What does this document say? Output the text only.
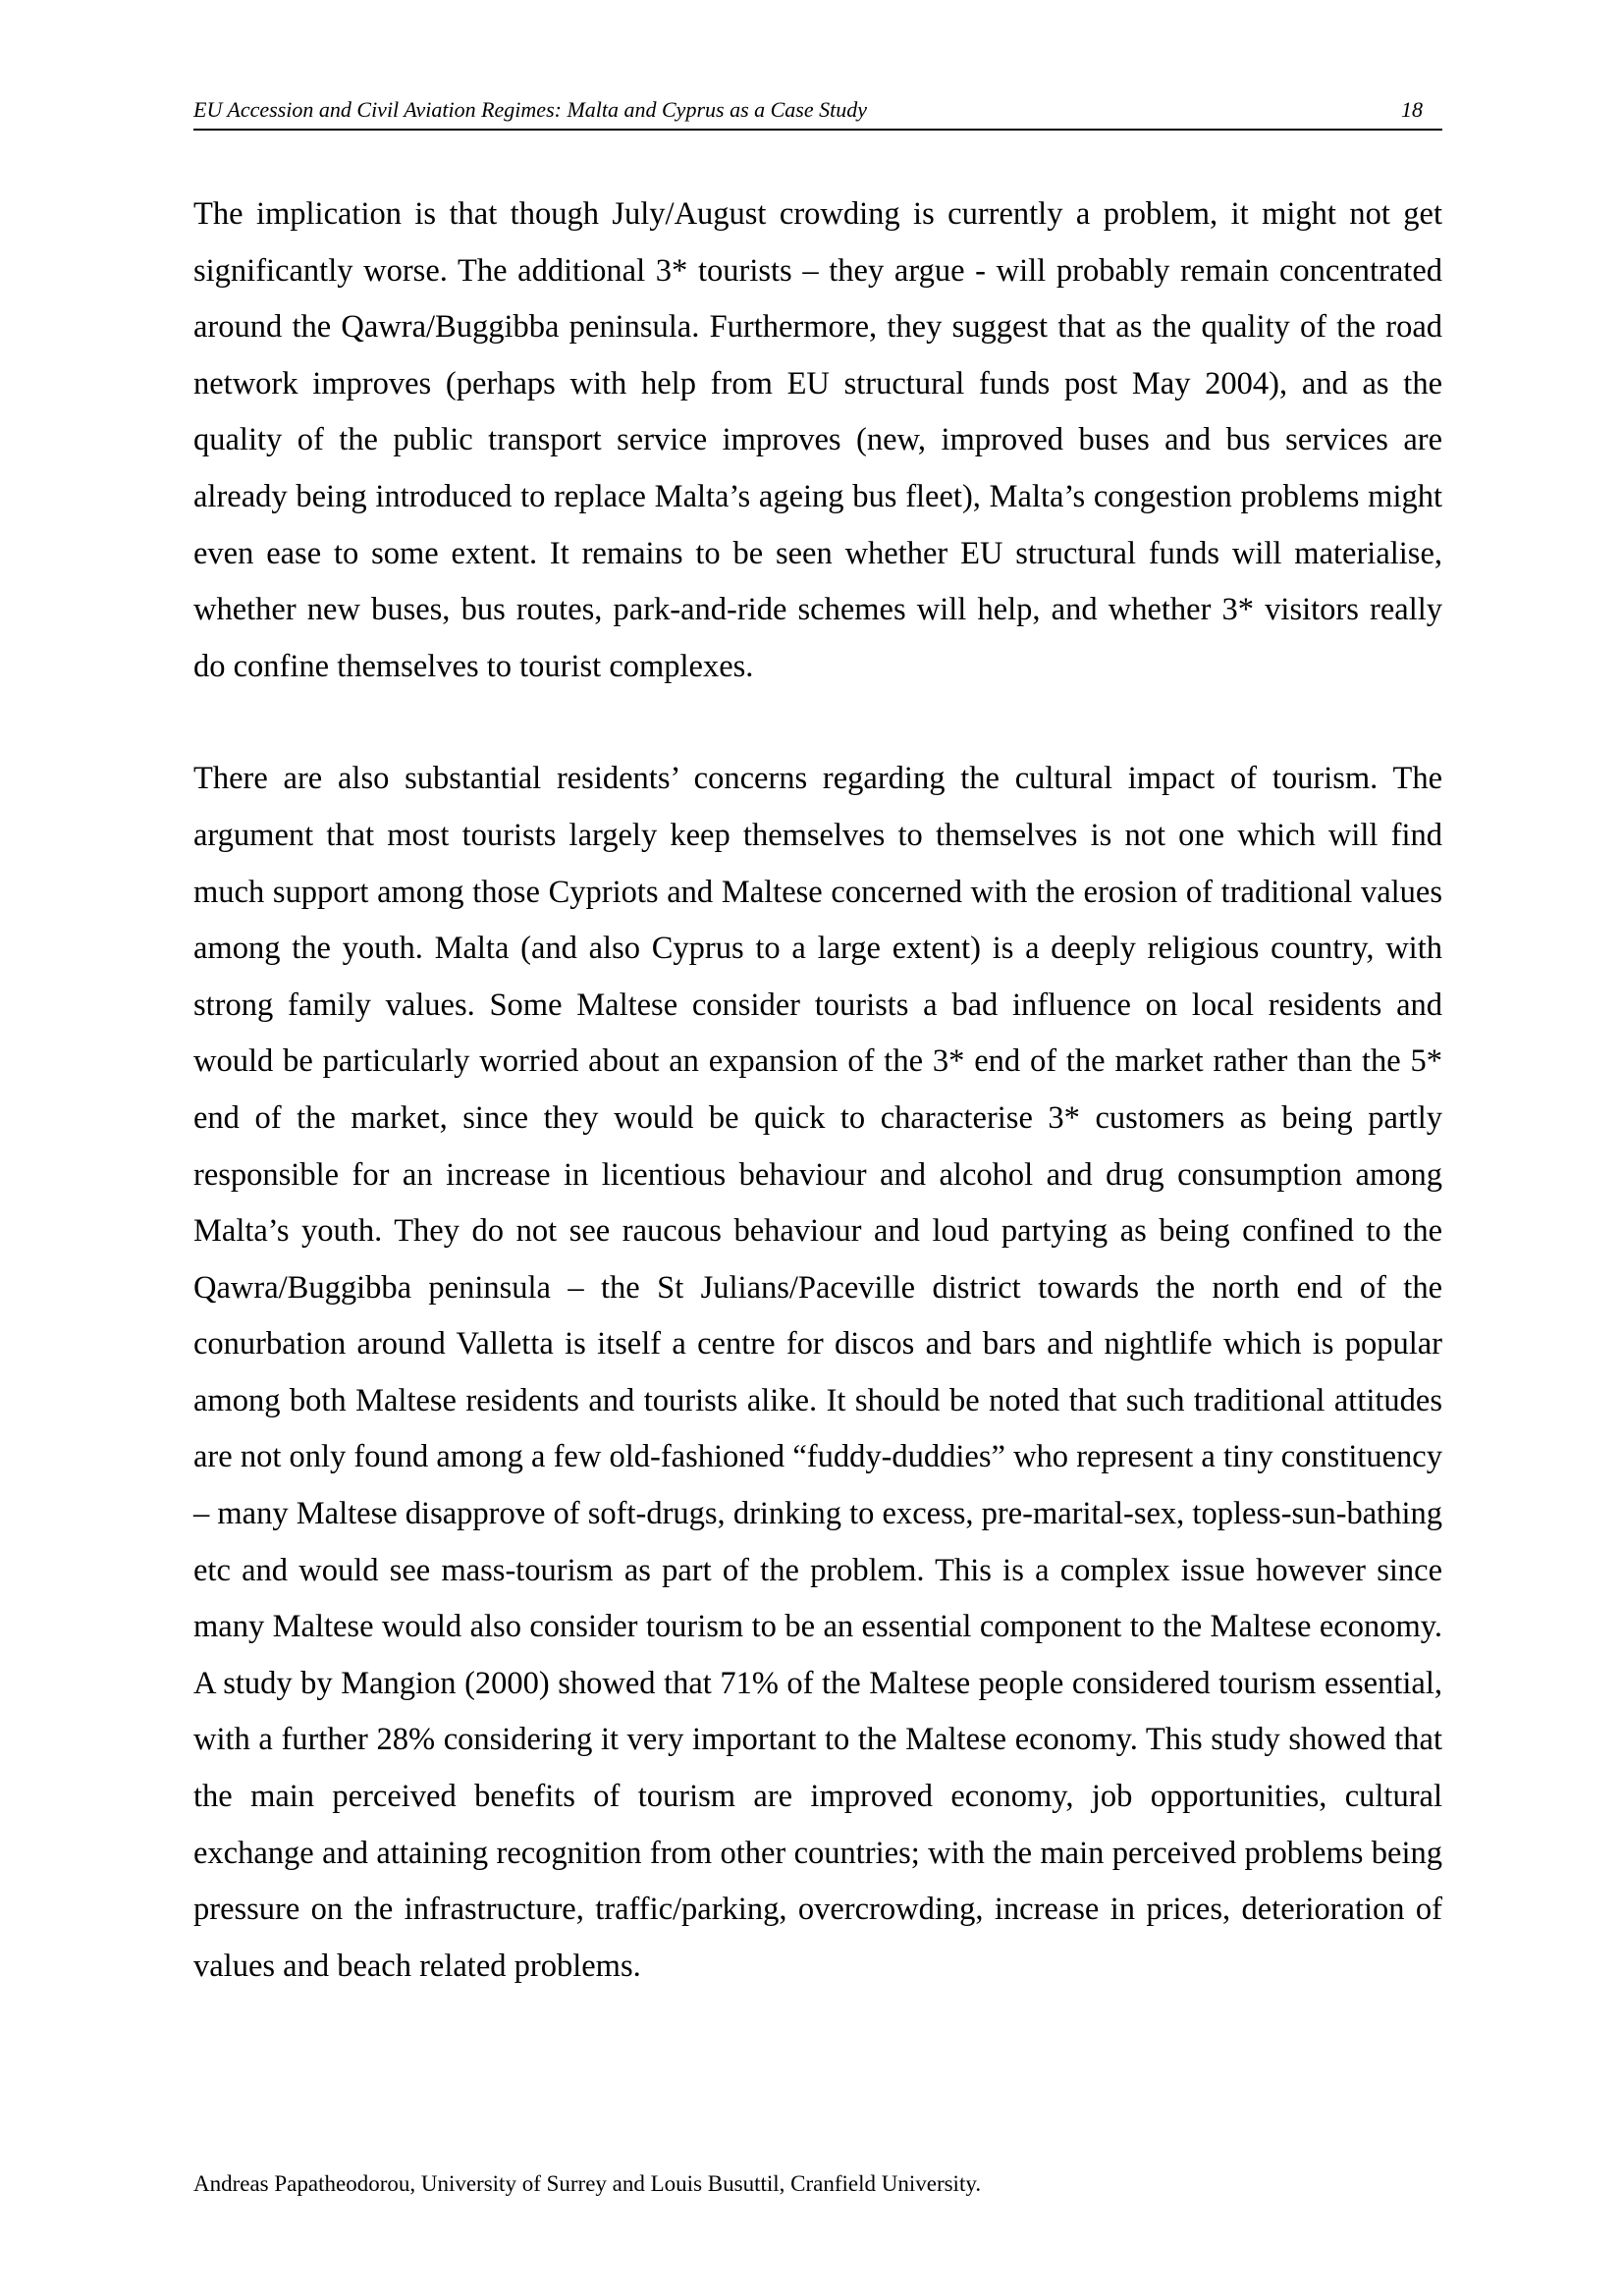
EU Accession and Civil Aviation Regimes: Malta and Cyprus as a Case Study	18

The implication is that though July/August crowding is currently a problem, it might not get significantly worse. The additional 3* tourists – they argue - will probably remain concentrated around the Qawra/Buggibba peninsula. Furthermore, they suggest that as the quality of the road network improves (perhaps with help from EU structural funds post May 2004), and as the quality of the public transport service improves (new, improved buses and bus services are already being introduced to replace Malta’s ageing bus fleet), Malta’s congestion problems might even ease to some extent. It remains to be seen whether EU structural funds will materialise, whether new buses, bus routes, park-and-ride schemes will help, and whether 3* visitors really do confine themselves to tourist complexes.

There are also substantial residents’ concerns regarding the cultural impact of tourism. The argument that most tourists largely keep themselves to themselves is not one which will find much support among those Cypriots and Maltese concerned with the erosion of traditional values among the youth. Malta (and also Cyprus to a large extent) is a deeply religious country, with strong family values. Some Maltese consider tourists a bad influence on local residents and would be particularly worried about an expansion of the 3* end of the market rather than the 5* end of the market, since they would be quick to characterise 3* customers as being partly responsible for an increase in licentious behaviour and alcohol and drug consumption among Malta’s youth. They do not see raucous behaviour and loud partying as being confined to the Qawra/Buggibba peninsula – the St Julians/Paceville district towards the north end of the conurbation around Valletta is itself a centre for discos and bars and nightlife which is popular among both Maltese residents and tourists alike. It should be noted that such traditional attitudes are not only found among a few old-fashioned “fuddy-duddies” who represent a tiny constituency – many Maltese disapprove of soft-drugs, drinking to excess, pre-marital-sex, topless-sun-bathing etc and would see mass-tourism as part of the problem. This is a complex issue however since many Maltese would also consider tourism to be an essential component to the Maltese economy. A study by Mangion (2000) showed that 71% of the Maltese people considered tourism essential, with a further 28% considering it very important to the Maltese economy. This study showed that the main perceived benefits of tourism are improved economy, job opportunities, cultural exchange and attaining recognition from other countries; with the main perceived problems being pressure on the infrastructure, traffic/parking, overcrowding, increase in prices, deterioration of values and beach related problems.

Andreas Papatheodorou, University of Surrey and Louis Busuttil, Cranfield University.
